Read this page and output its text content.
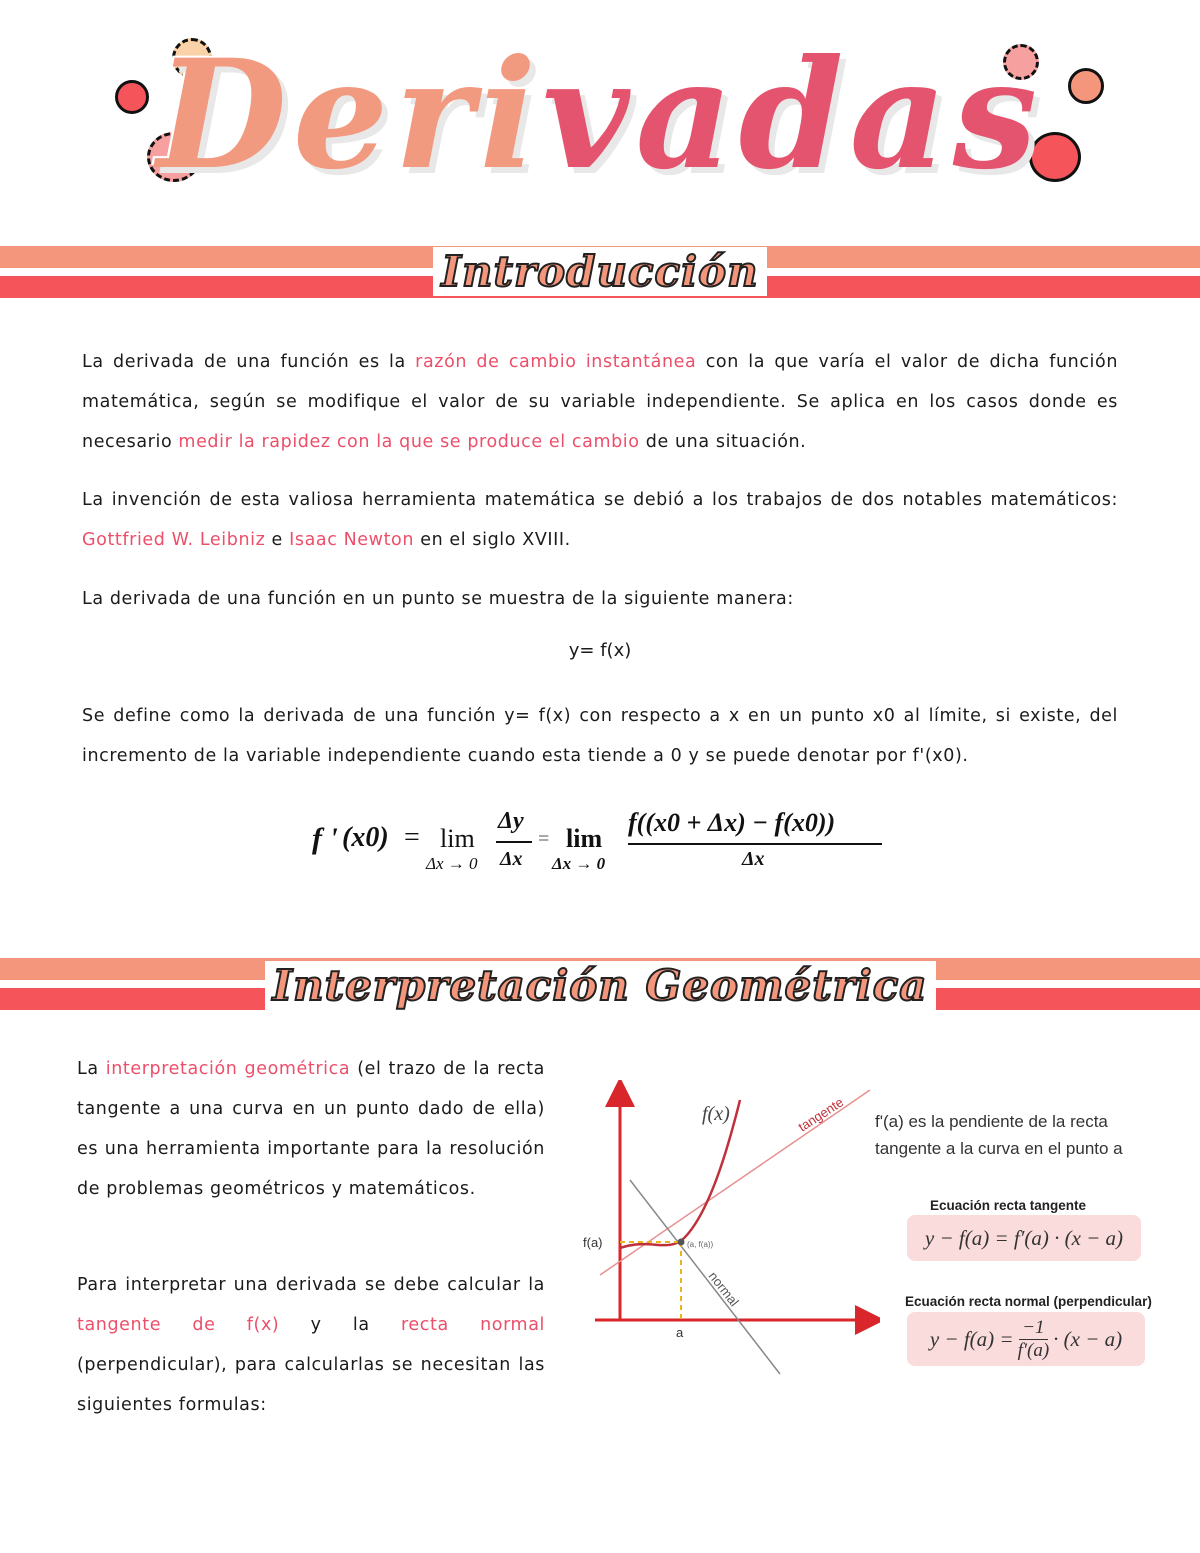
Derivadas
Introducción
La derivada de una función es la razón de cambio instantánea con la que varía el valor de dicha función matemática, según se modifique el valor de su variable independiente. Se aplica en los casos donde es necesario medir la rapidez con la que se produce el cambio de una situación.
La invención de esta valiosa herramienta matemática se debió a los trabajos de dos notables matemáticos: Gottfried W. Leibniz e Isaac Newton en el siglo XVIII.
La derivada de una función en un punto se muestra de la siguiente manera:
y= f(x)
Se define como la derivada de una función y= f(x) con respecto a x en un punto x0 al límite, si existe, del incremento de la variable independiente cuando esta tiende a 0 y se puede denotar por f'(x0).
f ' (x0) = lim
Δx → 0
Δy
Δx
= lim
Δx → 0
f((x0 + Δx) − f(x0))
Δx
Interpretación Geométrica
La interpretación geométrica (el trazo de la recta tangente a una curva en un punto dado de ella) es una herramienta importante para la resolución de problemas geométricos y matemáticos.
Para interpretar una derivada se debe calcular la tangente de f(x) y la recta normal (perpendicular), para calcularlas se necesitan las siguientes formulas:
f(x)	tangente
normal
f(a)
a
(a, f(a))
f'(a) es la pendiente de la recta tangente a la curva en el punto a
Ecuación recta tangente
y − f(a) = f′(a) · (x − a)
Ecuación recta normal (perpendicular)
$y - f(a) = \frac{-1}{f'(a)} \cdot (x - a)$
